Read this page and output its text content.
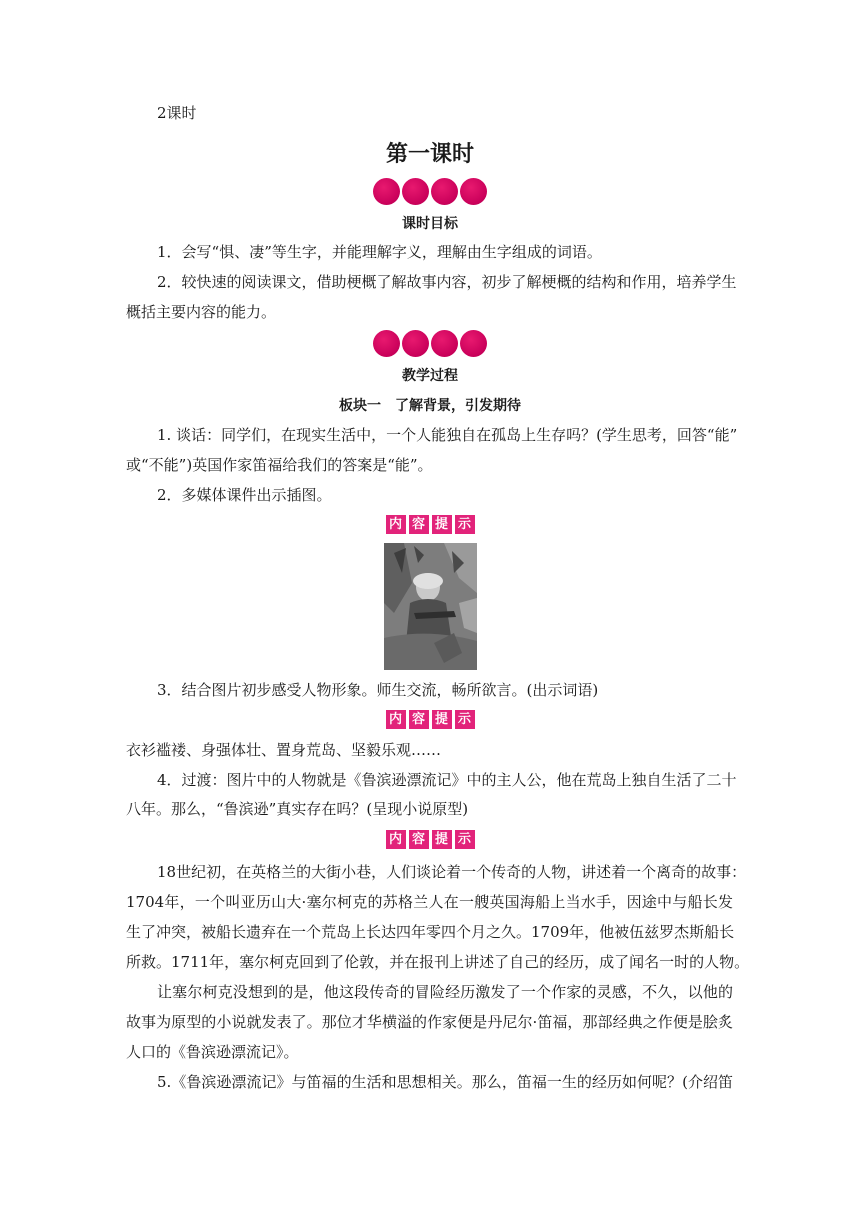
2课时
第一课时
课时目标
1．会写“惧、凄”等生字，并能理解字义，理解由生字组成的词语。
2．较快速的阅读课文，借助梗概了解故事内容，初步了解梗概的结构和作用，培养学生
概括主要内容的能力。
教学过程
板块一　了解背景，引发期待
1. 谈话：同学们，在现实生活中，一个人能独自在孤岛上生存吗？(学生思考，回答“能”
或“不能”)英国作家笛福给我们的答案是“能”。
2．多媒体课件出示插图。
内 容 提 示
3．结合图片初步感受人物形象。师生交流，畅所欲言。(出示词语)
内 容 提 示
衣衫褴褛、身强体壮、置身荒岛、坚毅乐观……
4．过渡：图片中的人物就是《鲁滨逊漂流记》中的主人公，他在荒岛上独自生活了二十
八年。那么，“鲁滨逊”真实存在吗？(呈现小说原型)
内 容 提 示
18世纪初，在英格兰的大街小巷，人们谈论着一个传奇的人物，讲述着一个离奇的故事：
1704年，一个叫亚历山大·塞尔柯克的苏格兰人在一艘英国海船上当水手，因途中与船长发
生了冲突，被船长遗弃在一个荒岛上长达四年零四个月之久。1709年，他被伍兹罗杰斯船长
所救。1711年，塞尔柯克回到了伦敦，并在报刊上讲述了自己的经历，成了闻名一时的人物。
让塞尔柯克没想到的是，他这段传奇的冒险经历激发了一个作家的灵感，不久，以他的
故事为原型的小说就发表了。那位才华横溢的作家便是丹尼尔·笛福，那部经典之作便是脍炙
人口的《鲁滨逊漂流记》。
5.《鲁滨逊漂流记》与笛福的生活和思想相关。那么，笛福一生的经历如何呢？(介绍笛
